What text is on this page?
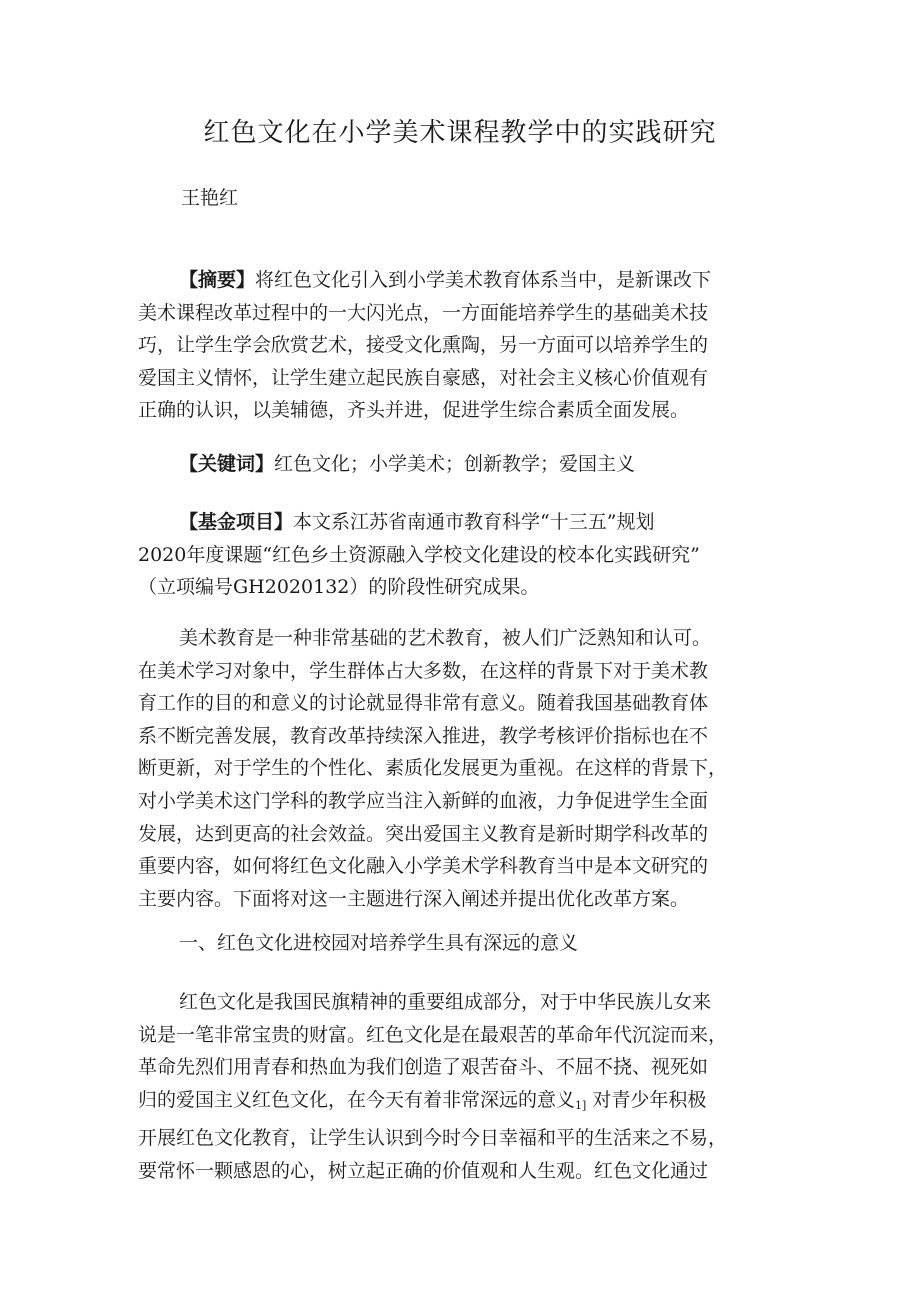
红色文化在小学美术课程教学中的实践研究

王艳红

【摘要】将红色文化引入到小学美术教育体系当中，是新课改下
美术课程改革过程中的一大闪光点，一方面能培养学生的基础美术技
巧，让学生学会欣赏艺术，接受文化熏陶，另一方面可以培养学生的
爱国主义情怀，让学生建立起民族自豪感，对社会主义核心价值观有
正确的认识，以美辅德，齐头并进，促进学生综合素质全面发展。
【关键词】红色文化；小学美术；创新教学；爱国主义
【基金项目】本文系江苏省南通市教育科学“十三五”规划
2020年度课题“红色乡土资源融入学校文化建设的校本化实践研究”
（立项编号GH2020132）的阶段性研究成果。
美术教育是一种非常基础的艺术教育，被人们广泛熟知和认可。
在美术学习对象中，学生群体占大多数，在这样的背景下对于美术教
育工作的目的和意义的讨论就显得非常有意义。随着我国基础教育体
系不断完善发展，教育改革持续深入推进，教学考核评价指标也在不
断更新，对于学生的个性化、素质化发展更为重视。在这样的背景下，
对小学美术这门学科的教学应当注入新鲜的血液，力争促进学生全面
发展，达到更高的社会效益。突出爱国主义教育是新时期学科改革的
重要内容，如何将红色文化融入小学美术学科教育当中是本文研究的
主要内容。下面将对这一主题进行深入阐述并提出优化改革方案。
一、红色文化进校园对培养学生具有深远的意义
红色文化是我国民旗精神的重要组成部分，对于中华民族儿女来
说是一笔非常宝贵的财富。红色文化是在最艰苦的革命年代沉淀而来，
革命先烈们用青春和热血为我们创造了艰苦奋斗、不屈不挠、视死如
归的爱国主义红色文化，在今天有着非常深远的意义$_{1]}$ 对青少年积极
开展红色文化教育，让学生认识到今时今日幸福和平的生活来之不易，
要常怀一颗感恩的心，树立起正确的价值观和人生观。红色文化通过
